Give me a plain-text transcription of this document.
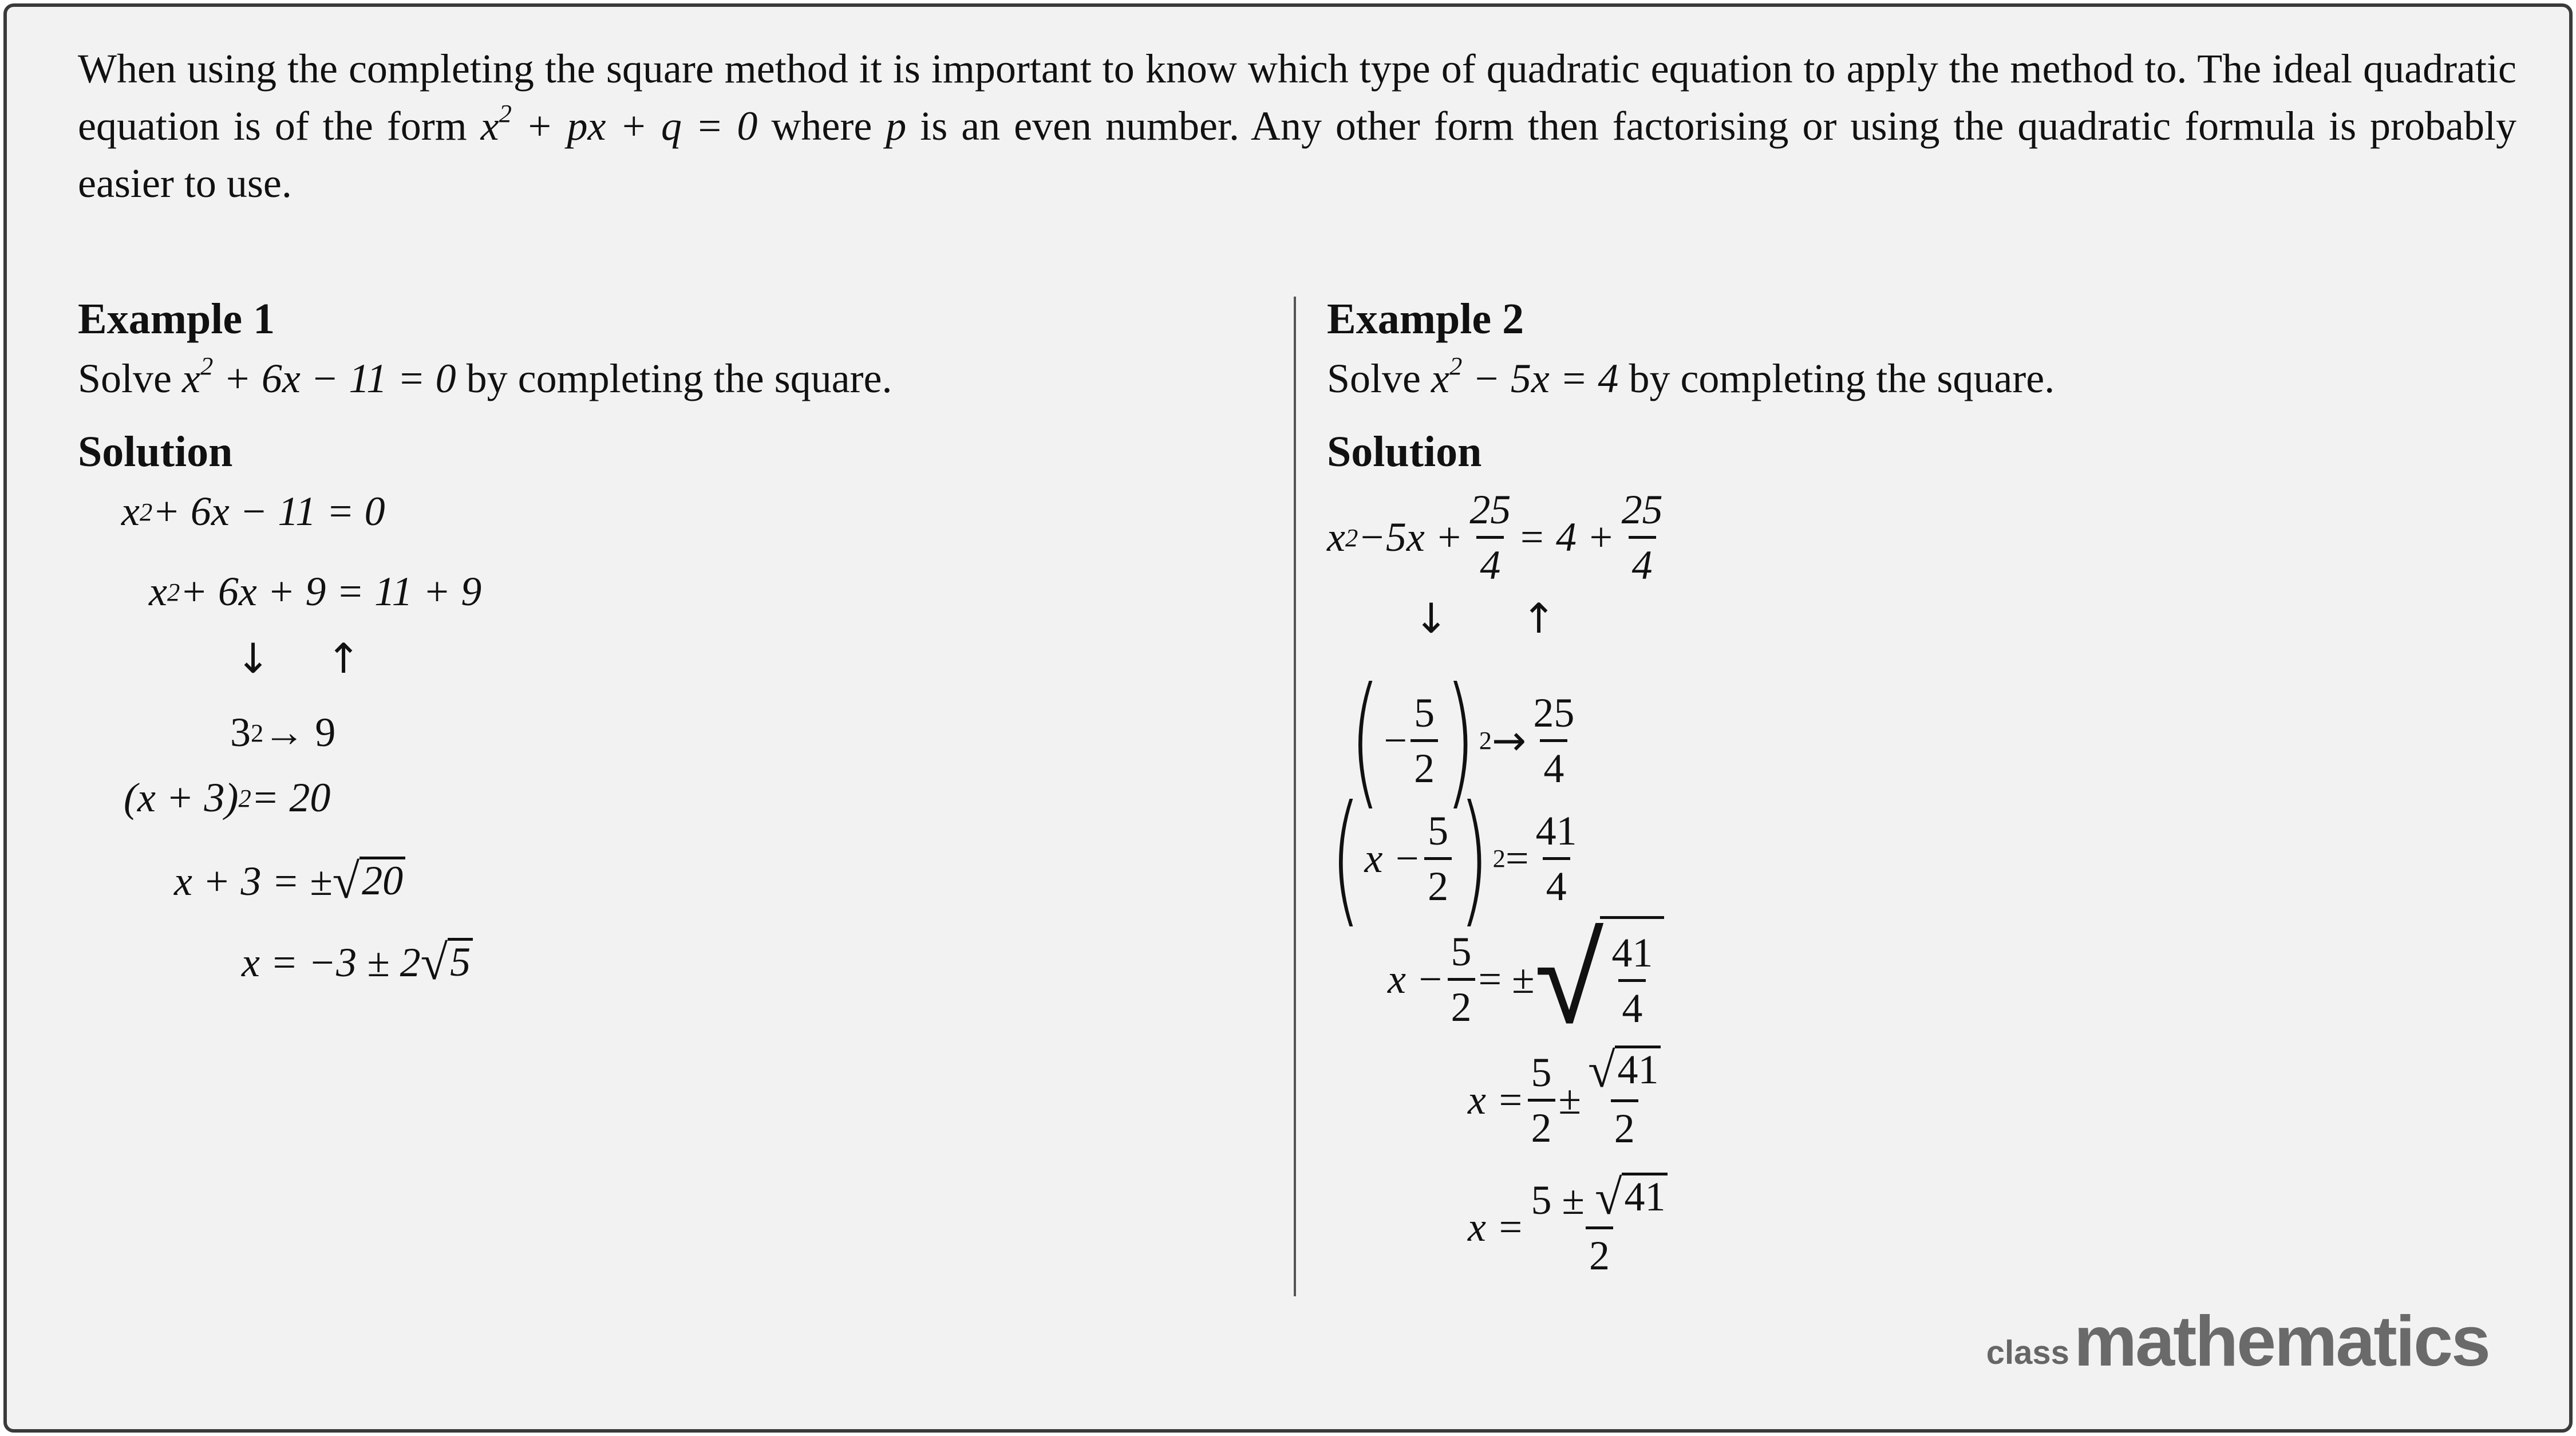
When using the completing the square method it is important to know which type of quadratic equation to apply the method to. The ideal quadratic equation is of the form $x^2$ + px + q = 0 where p is an even number. Any other form then factorising or using the quadratic formula is probably easier to use.
Example 1
Solve $x^2 + 6x - 11 = 0$ by completing the square.
Solution
x 2 + 6x − 11 = 0
x 2 + 6x + 9 = 11 + 9
↓ ↑
3 2 → 9
(x + 3) 2 = 20
x + 3 = ± √ 20
x = −3 ± 2 √ 5
Example 2
Solve $x^2 - 5x = 4$ by completing the square.
Solution
x $2 -5x + \frac{25}{4} = 4 + \frac{25}{4}$
↓ ↑
( − $\frac{5}{2}$ ) $2 \to \frac{25}{4}$
( $x - \frac{5}{2}$ ) $2 = \frac{41}{4}$
$x - \frac{5}{2}$ = ± √ $\frac{41}{4}$
$x = \frac{5}{2} \pm \frac{√ 41}{2}$
$x = \frac{5 \pm √ 41}{2}$
class mathematics
